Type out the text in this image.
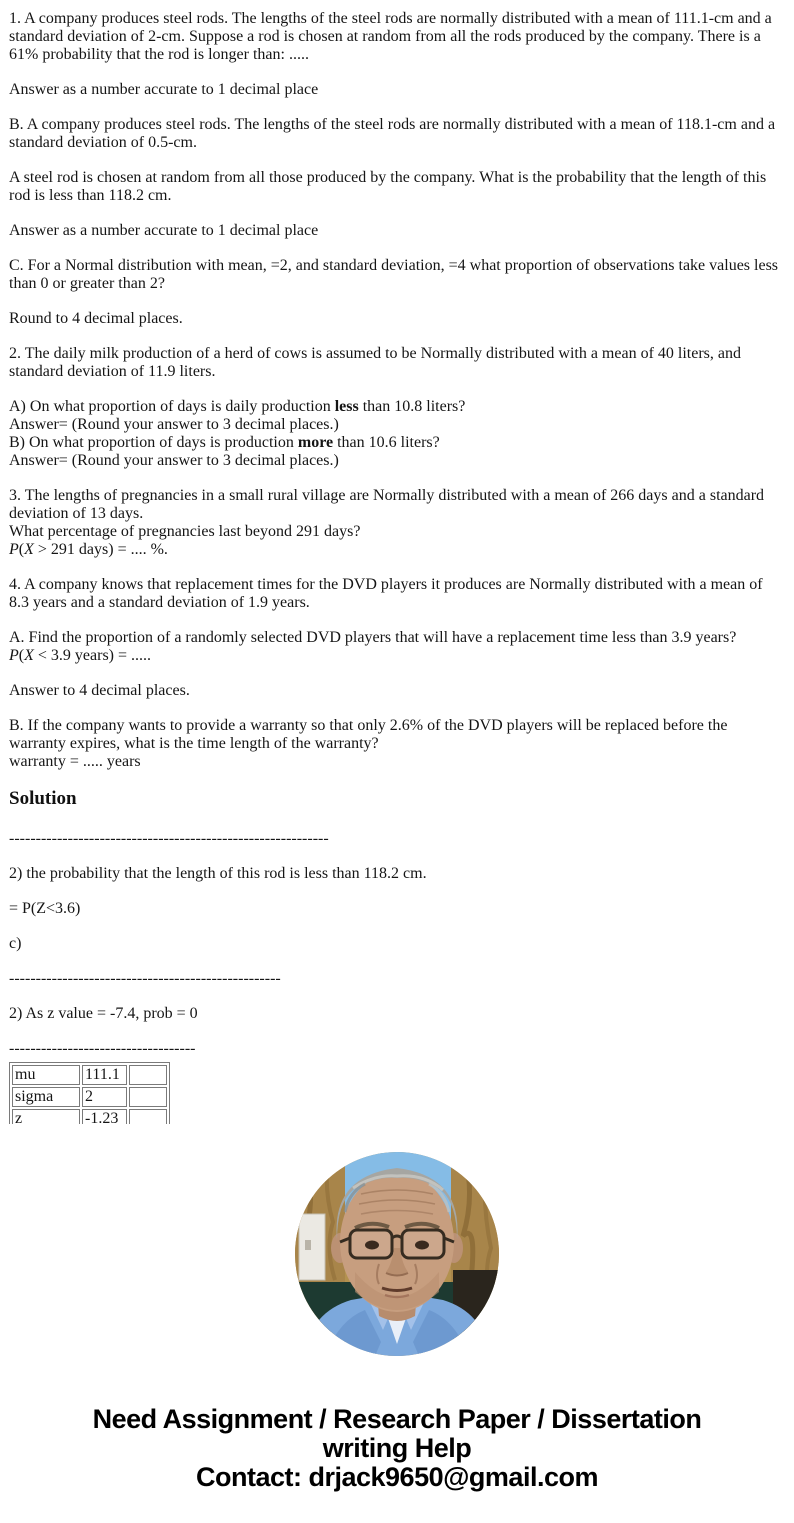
1. A company produces steel rods. The lengths of the steel rods are normally distributed with a mean of 111.1-cm and a standard deviation of 2-cm. Suppose a rod is chosen at random from all the rods produced by the company. There is a 61% probability that the rod is longer than: .....

Answer as a number accurate to 1 decimal place

B. A company produces steel rods. The lengths of the steel rods are normally distributed with a mean of 118.1-cm and a standard deviation of 0.5-cm.

A steel rod is chosen at random from all those produced by the company. What is the probability that the length of this rod is less than 118.2 cm.

Answer as a number accurate to 1 decimal place

C. For a Normal distribution with mean, =2, and standard deviation, =4 what proportion of observations take values less than 0 or greater than 2?

Round to 4 decimal places.

2. The daily milk production of a herd of cows is assumed to be Normally distributed with a mean of 40 liters, and standard deviation of 11.9 liters.

A) On what proportion of days is daily production less than 10.8 liters?
Answer= (Round your answer to 3 decimal places.)
B) On what proportion of days is production more than 10.6 liters?
Answer= (Round your answer to 3 decimal places.)

3. The lengths of pregnancies in a small rural village are Normally distributed with a mean of 266 days and a standard deviation of 13 days.
What percentage of pregnancies last beyond 291 days?
P(X > 291 days) = .... %.

4. A company knows that replacement times for the DVD players it produces are Normally distributed with a mean of 8.3 years and a standard deviation of 1.9 years.

A. Find the proportion of a randomly selected DVD players that will have a replacement time less than 3.9 years?
P(X < 3.9 years) = .....

Answer to 4 decimal places.

B. If the company wants to provide a warranty so that only 2.6% of the DVD players will be replaced before the warranty expires, what is the time length of the warranty?
warranty = ..... years

Solution

------------------------------------------------------------

2) the probability that the length of this rod is less than 118.2 cm.

= P(Z<3.6)

c)

---------------------------------------------------

2) As z value = -7.4, prob = 0

-----------------------------------

mu	111.1	
sigma	2	
z	-1.23	
Need Assignment / Research Paper / Dissertation
writing Help
Contact: drjack9650@gmail.com
